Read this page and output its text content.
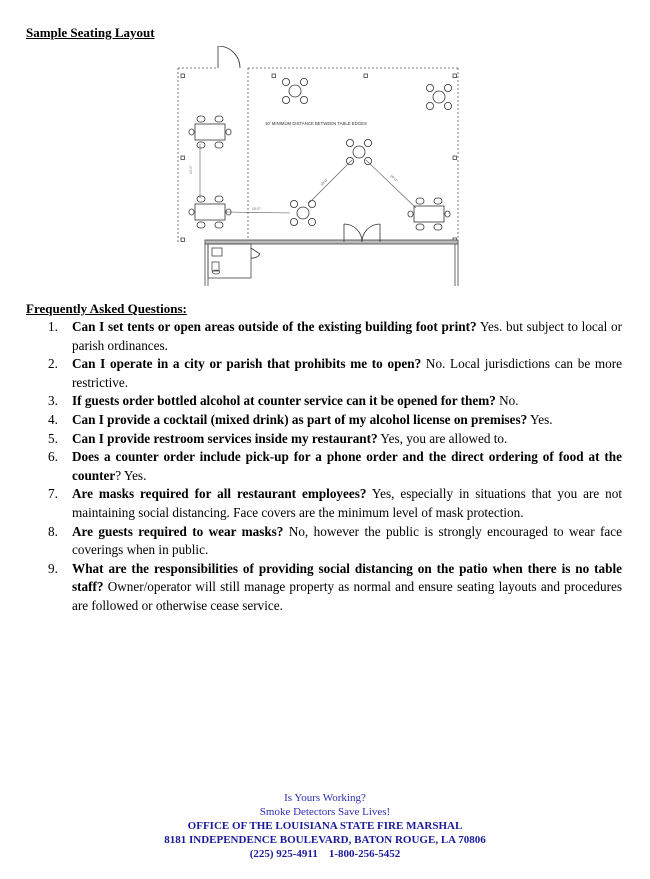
Sample Seating Layout
10' MINIMUM DISTANCE BETWEEN TABLE EDGES
10'-0"
10'-0"
10'-0"	10'-0"
Frequently Asked Questions:
1. Can I set tents or open areas outside of the existing building foot print? Yes. but subject to local or parish ordinances.
2. Can I operate in a city or parish that prohibits me to open? No. Local jurisdictions can be more restrictive.
3. If guests order bottled alcohol at counter service can it be opened for them? No.
4. Can I provide a cocktail (mixed drink) as part of my alcohol license on premises? Yes.
5. Can I provide restroom services inside my restaurant? Yes, you are allowed to.
6. Does a counter order include pick-up for a phone order and the direct ordering of food at the counter? Yes.
7. Are masks required for all restaurant employees? Yes, especially in situations that you are not maintaining social distancing. Face covers are the minimum level of mask protection.
8. Are guests required to wear masks? No, however the public is strongly encouraged to wear face coverings when in public.
9. What are the responsibilities of providing social distancing on the patio when there is no table staff? Owner/operator will still manage property as normal and ensure seating layouts and procedures are followed or otherwise cease service.
Is Yours Working?
Smoke Detectors Save Lives!
OFFICE OF THE LOUISIANA STATE FIRE MARSHAL
8181 INDEPENDENCE BOULEVARD, BATON ROUGE, LA 70806
(225) 925-4911    1-800-256-5452
